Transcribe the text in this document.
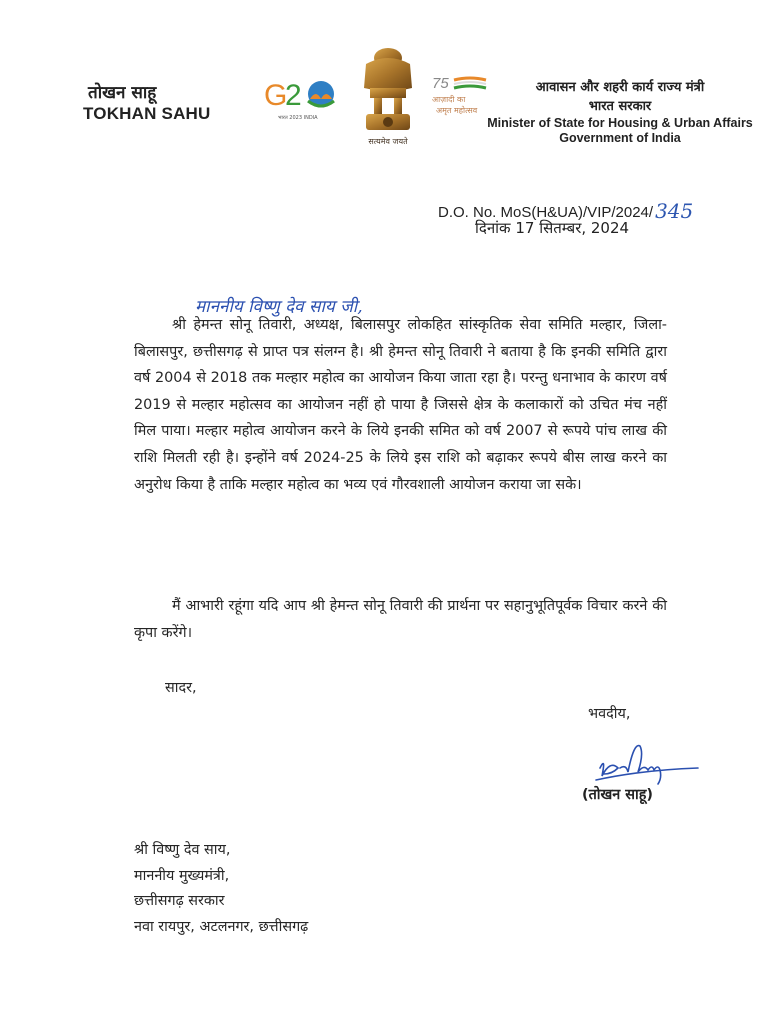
तोखन साहू
TOKHAN SAHU
G
2
भारत 2023 INDIA
सत्यमेव जयते
75
आज़ादी का
अमृत महोत्सव
आवासन और शहरी कार्य राज्य मंत्री
भारत सरकार
Minister of State for Housing & Urban Affairs
Government of India
D.O. No. MoS(H&UA)/VIP/2024/ 345
दिनांक 17 सितम्बर, 2024
माननीय विष्णु देव साय जी,
श्री हेमन्त सोनू तिवारी, अध्यक्ष, बिलासपुर लोकहित सांस्कृतिक सेवा समिति मल्हार, जिला-बिलासपुर, छत्तीसगढ़ से प्राप्त पत्र संलग्न है। श्री हेमन्त सोनू तिवारी ने बताया है कि इनकी समिति द्वारा वर्ष 2004 से 2018 तक मल्हार महोत्व का आयोजन किया जाता रहा है। परन्तु धनाभाव के कारण वर्ष 2019 से मल्हार महोत्सव का आयोजन नहीं हो पाया है जिससे क्षेत्र के कलाकारों को उचित मंच नहीं मिल पाया। मल्हार महोत्व आयोजन करने के लिये इनकी समित को वर्ष 2007 से रूपये पांच लाख की राशि मिलती रही है। इन्होंने वर्ष 2024-25 के लिये इस राशि को बढ़ाकर रूपये बीस लाख करने का अनुरोध किया है ताकि मल्हार महोत्व का भव्य एवं गौरवशाली आयोजन कराया जा सके।
मैं आभारी रहूंगा यदि आप श्री हेमन्त सोनू तिवारी की प्रार्थना पर सहानुभूतिपूर्वक विचार करने की कृपा करेंगे।
सादर,
भवदीय,
(तोखन साहू)
श्री विष्णु देव साय,
माननीय मुख्यमंत्री,
छत्तीसगढ़ सरकार
नवा रायपुर, अटलनगर, छत्तीसगढ़
